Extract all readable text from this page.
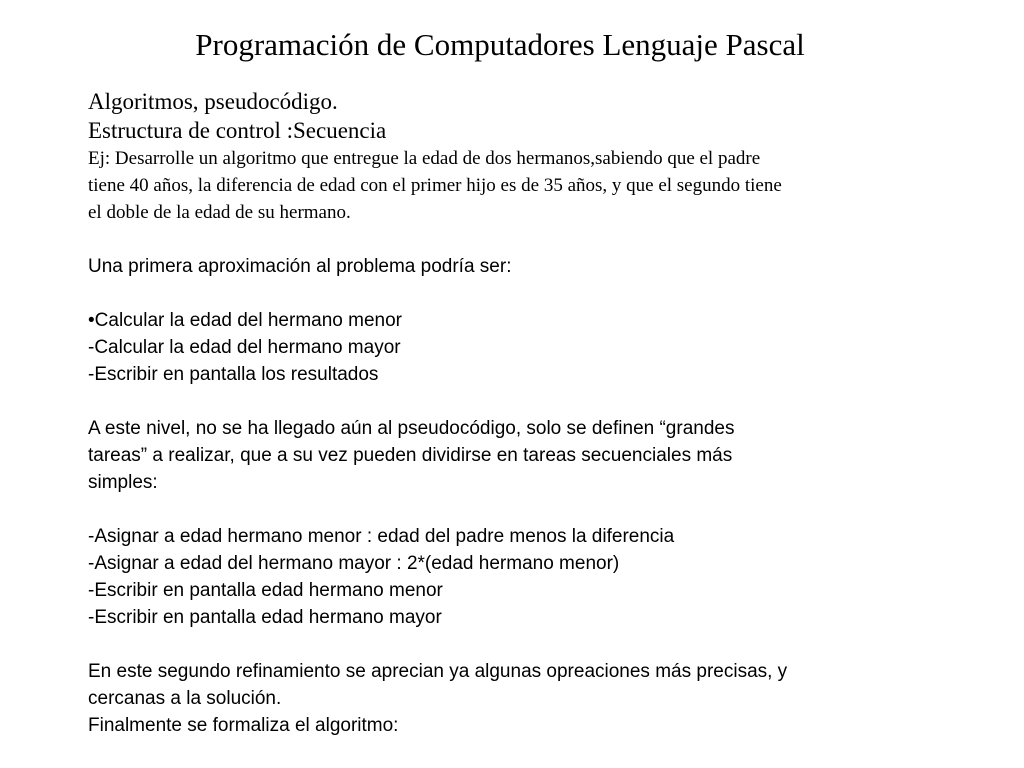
Programación de Computadores Lenguaje Pascal
Algoritmos, pseudocódigo.
Estructura de control :Secuencia
Ej: Desarrolle un algoritmo que entregue la edad de dos hermanos,sabiendo que el padre
tiene 40 años, la diferencia de edad con el primer hijo es de 35 años, y que el segundo tiene
el doble de la edad de su hermano.
Una primera aproximación al problema podría ser:
•Calcular la edad del hermano menor
-Calcular la edad del hermano mayor
-Escribir en pantalla los resultados
A este nivel, no se ha llegado aún al pseudocódigo, solo se definen “grandes
tareas” a realizar, que a su vez pueden dividirse en tareas secuenciales más
simples:
-Asignar a edad hermano menor : edad del padre menos la diferencia
-Asignar a edad del hermano mayor : 2*(edad hermano menor)
-Escribir en pantalla edad hermano menor
-Escribir en pantalla edad hermano mayor
En este segundo refinamiento se aprecian ya algunas opreaciones más precisas, y
cercanas a la solución.
Finalmente se formaliza el algoritmo:
